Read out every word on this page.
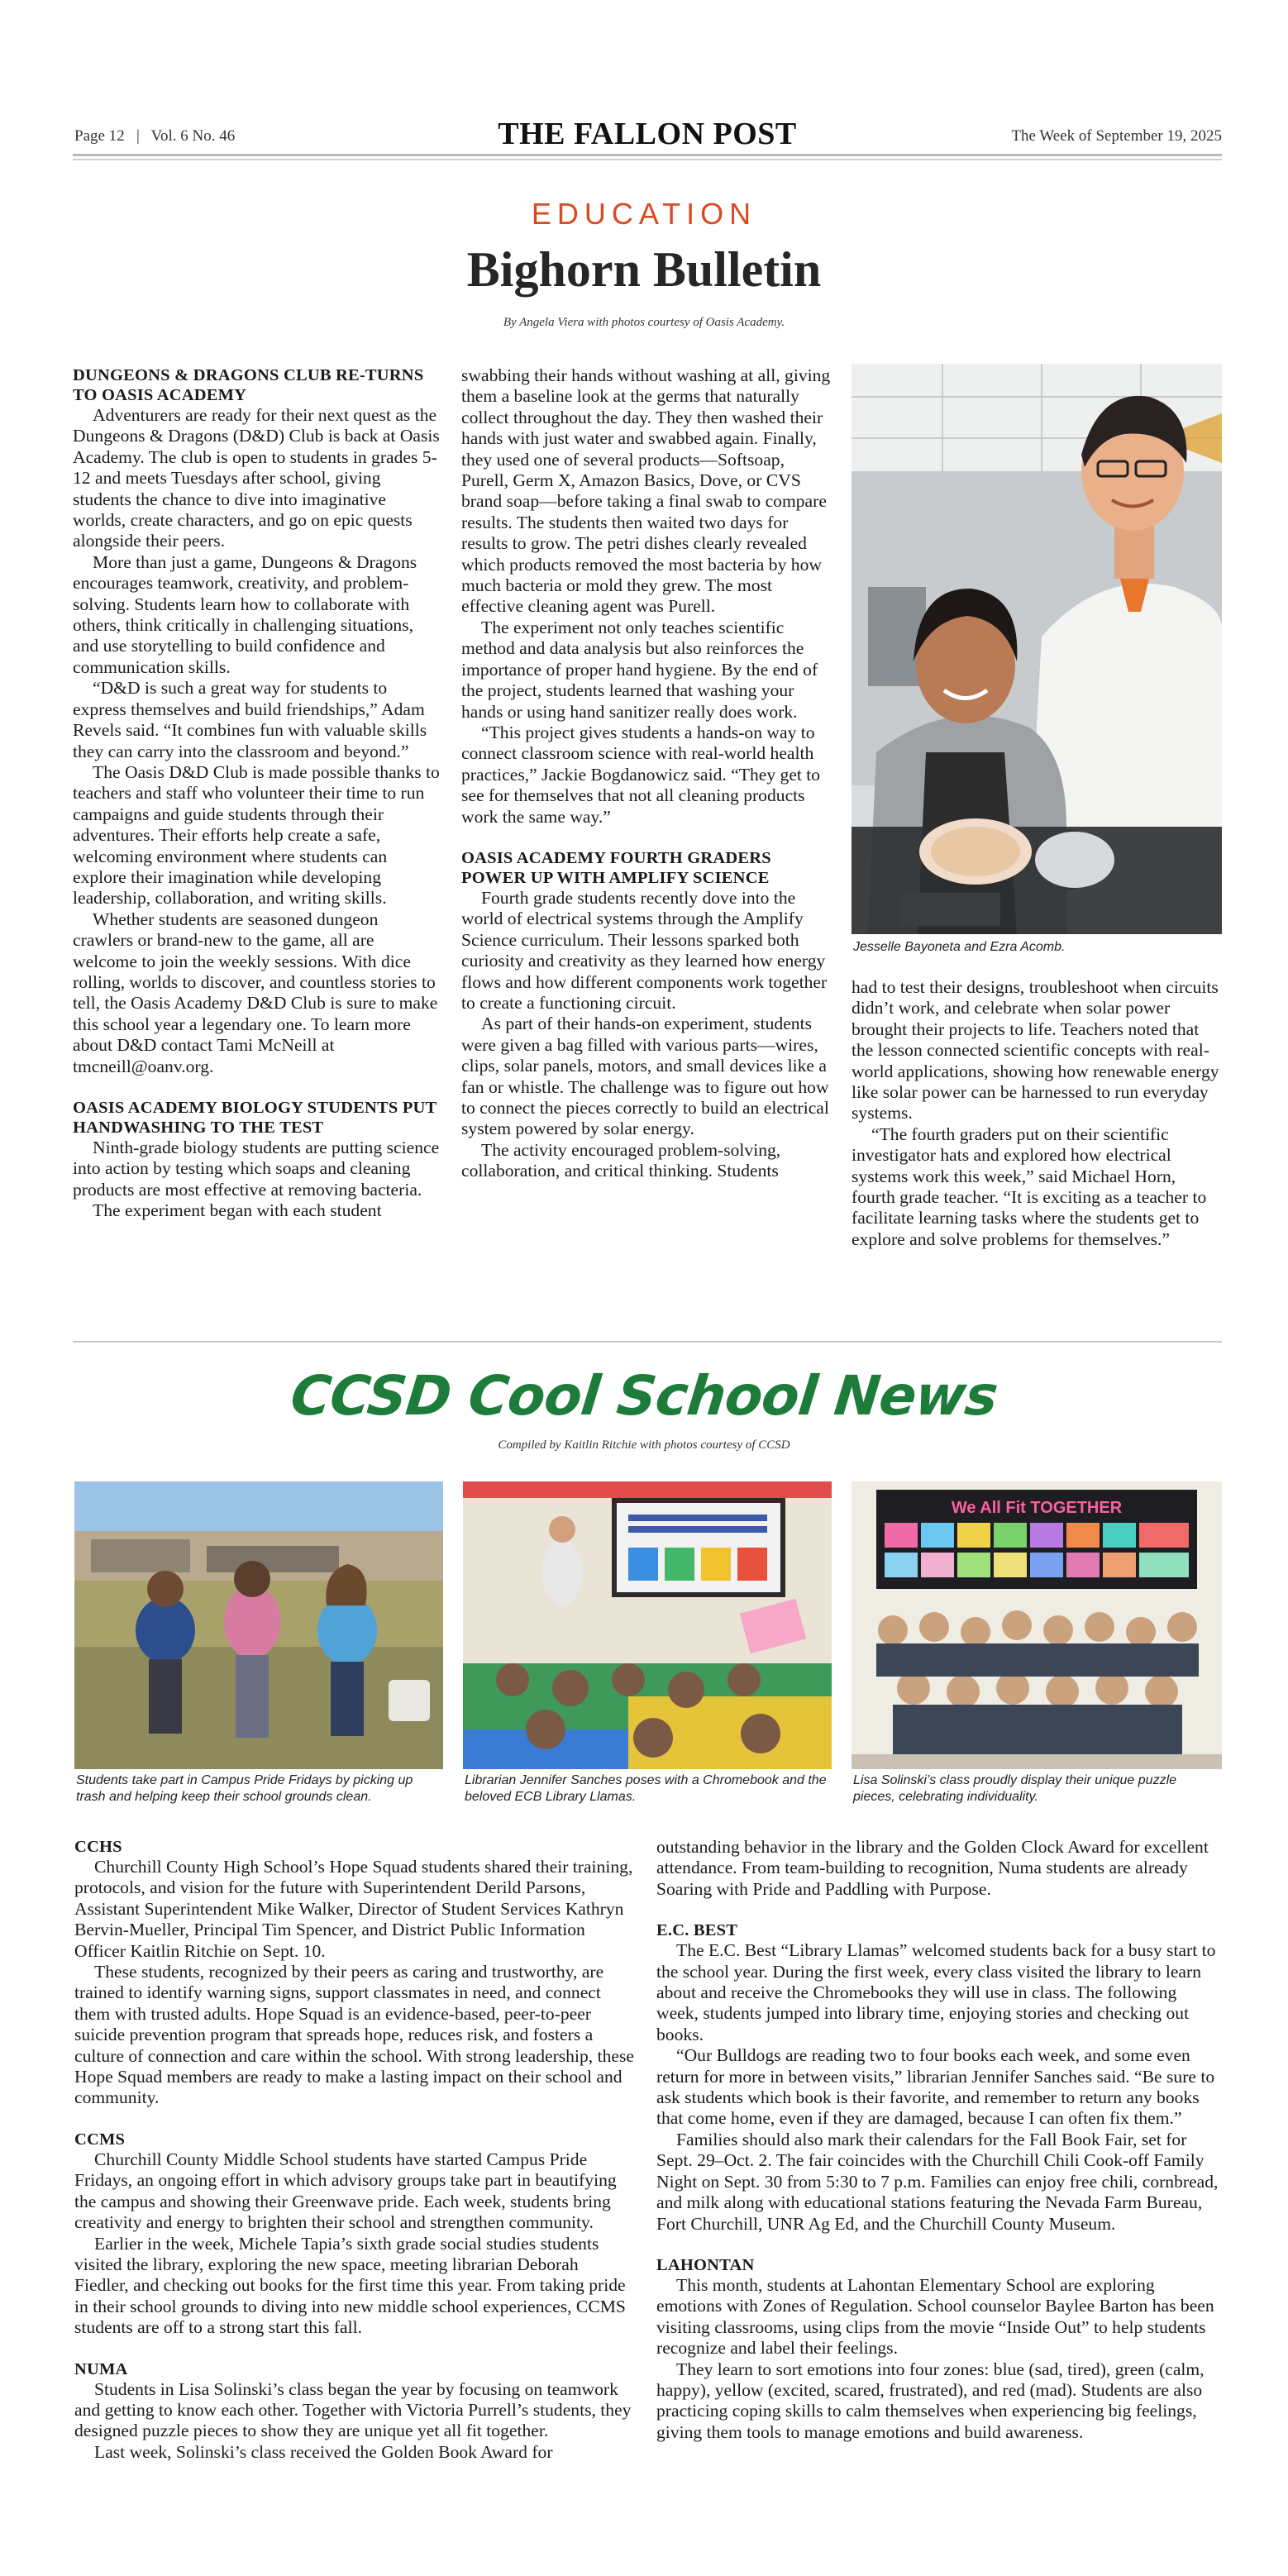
Page 12   |   Vol. 6 No. 46	THE FALLON POST	The Week of September 19, 2025
EDUCATION
Bighorn Bulletin
By Angela Viera with photos courtesy of Oasis Academy.
DUNGEONS & DRAGONS CLUB RE-TURNS TO OASIS ACADEMY

Adventurers are ready for their next quest as the Dungeons & Dragons (D&D) Club is back at Oasis Academy. The club is open to students in grades 5-12 and meets Tuesdays after school, giving students the chance to dive into imaginative worlds, create characters, and go on epic quests alongside their peers.

More than just a game, Dungeons & Dragons encourages teamwork, creativity, and problem-solving. Students learn how to collaborate with others, think critically in challenging situations, and use storytelling to build confidence and communication skills.

“D&D is such a great way for students to express themselves and build friendships,” Adam Revels said. “It combines fun with valuable skills they can carry into the classroom and beyond.”

The Oasis D&D Club is made possible thanks to teachers and staff who volunteer their time to run campaigns and guide students through their adventures. Their efforts help create a safe, welcoming environment where students can explore their imagination while developing leadership, collaboration, and writing skills.

Whether students are seasoned dungeon crawlers or brand-new to the game, all are welcome to join the weekly sessions. With dice rolling, worlds to discover, and countless stories to tell, the Oasis Academy D&D Club is sure to make this school year a legendary one. To learn more about D&D contact Tami McNeill at tmcneill@oanv.org.

OASIS ACADEMY BIOLOGY STUDENTS PUT HANDWASHING TO THE TEST

Ninth-grade biology students are putting science into action by testing which soaps and cleaning products are most effective at removing bacteria.

The experiment began with each student

swabbing their hands without washing at all, giving them a baseline look at the germs that naturally collect throughout the day. They then washed their hands with just water and swabbed again. Finally, they used one of several products—Softsoap, Purell, Germ X, Amazon Basics, Dove, or CVS brand soap—before taking a final swab to compare results. The students then waited two days for results to grow. The petri dishes clearly revealed which products removed the most bacteria by how much bacteria or mold they grew. The most effective cleaning agent was Purell.

The experiment not only teaches scientific method and data analysis but also reinforces the importance of proper hand hygiene. By the end of the project, students learned that washing your hands or using hand sanitizer really does work.

“This project gives students a hands-on way to connect classroom science with real-world health practices,” Jackie Bogdanowicz said. “They get to see for themselves that not all cleaning products work the same way.”

OASIS ACADEMY FOURTH GRADERS POWER UP WITH AMPLIFY SCIENCE

Fourth grade students recently dove into the world of electrical systems through the Amplify Science curriculum. Their lessons sparked both curiosity and creativity as they learned how energy flows and how different components work together to create a functioning circuit.

As part of their hands-on experiment, students were given a bag filled with various parts—wires, clips, solar panels, motors, and small devices like a fan or whistle. The challenge was to figure out how to connect the pieces correctly to build an electrical system powered by solar energy.

The activity encouraged problem-solving, collaboration, and critical thinking. Students

Jesselle Bayoneta and Ezra Acomb.

had to test their designs, troubleshoot when circuits didn’t work, and celebrate when solar power brought their projects to life. Teachers noted that the lesson connected scientific concepts with real-world applications, showing how renewable energy like solar power can be harnessed to run everyday systems.

“The fourth graders put on their scientific investigator hats and explored how electrical systems work this week,” said Michael Horn, fourth grade teacher. “It is exciting as a teacher to facilitate learning tasks where the students get to explore and solve problems for themselves.”

CCSD Cool School News
Compiled by Kaitlin Ritchie with photos courtesy of CCSD
We All Fit TOGETHER
Students take part in Campus Pride Fridays by picking up trash and helping keep their school grounds clean.
Librarian Jennifer Sanches poses with a Chromebook and the beloved ECB Library Llamas.
Lisa Solinski’s class proudly display their unique puzzle pieces, celebrating individuality.
CCHS

Churchill County High School’s Hope Squad students shared their training, protocols, and vision for the future with Superintendent Derild Parsons, Assistant Superintendent Mike Walker, Director of Student Services Kathryn Bervin-Mueller, Principal Tim Spencer, and District Public Information Officer Kaitlin Ritchie on Sept. 10.

These students, recognized by their peers as caring and trustworthy, are trained to identify warning signs, support classmates in need, and connect them with trusted adults. Hope Squad is an evidence-based, peer-to-peer suicide prevention program that spreads hope, reduces risk, and fosters a culture of connection and care within the school. With strong leadership, these Hope Squad members are ready to make a lasting impact on their school and community.

CCMS

Churchill County Middle School students have started Campus Pride Fridays, an ongoing effort in which advisory groups take part in beautifying the campus and showing their Greenwave pride. Each week, students bring creativity and energy to brighten their school and strengthen community.

Earlier in the week, Michele Tapia’s sixth grade social studies students visited the library, exploring the new space, meeting librarian Deborah Fiedler, and checking out books for the first time this year. From taking pride in their school grounds to diving into new middle school experiences, CCMS students are off to a strong start this fall.

NUMA

Students in Lisa Solinski’s class began the year by focusing on teamwork and getting to know each other. Together with Victoria Purrell’s students, they designed puzzle pieces to show they are unique yet all fit together.

Last week, Solinski’s class received the Golden Book Award for

outstanding behavior in the library and the Golden Clock Award for excellent attendance. From team-building to recognition, Numa students are already Soaring with Pride and Paddling with Purpose.

E.C. BEST

The E.C. Best “Library Llamas” welcomed students back for a busy start to the school year. During the first week, every class visited the library to learn about and receive the Chromebooks they will use in class. The following week, students jumped into library time, enjoying stories and checking out books.

“Our Bulldogs are reading two to four books each week, and some even return for more in between visits,” librarian Jennifer Sanches said. “Be sure to ask students which book is their favorite, and remember to return any books that come home, even if they are damaged, because I can often fix them.”

Families should also mark their calendars for the Fall Book Fair, set for Sept. 29–Oct. 2. The fair coincides with the Churchill Chili Cook-off Family Night on Sept. 30 from 5:30 to 7 p.m. Families can enjoy free chili, cornbread, and milk along with educational stations featuring the Nevada Farm Bureau, Fort Churchill, UNR Ag Ed, and the Churchill County Museum.

LAHONTAN

This month, students at Lahontan Elementary School are exploring emotions with Zones of Regulation. School counselor Baylee Barton has been visiting classrooms, using clips from the movie “Inside Out” to help students recognize and label their feelings.

They learn to sort emotions into four zones: blue (sad, tired), green (calm, happy), yellow (excited, scared, frustrated), and red (mad). Students are also practicing coping skills to calm themselves when experiencing big feelings, giving them tools to manage emotions and build awareness.
